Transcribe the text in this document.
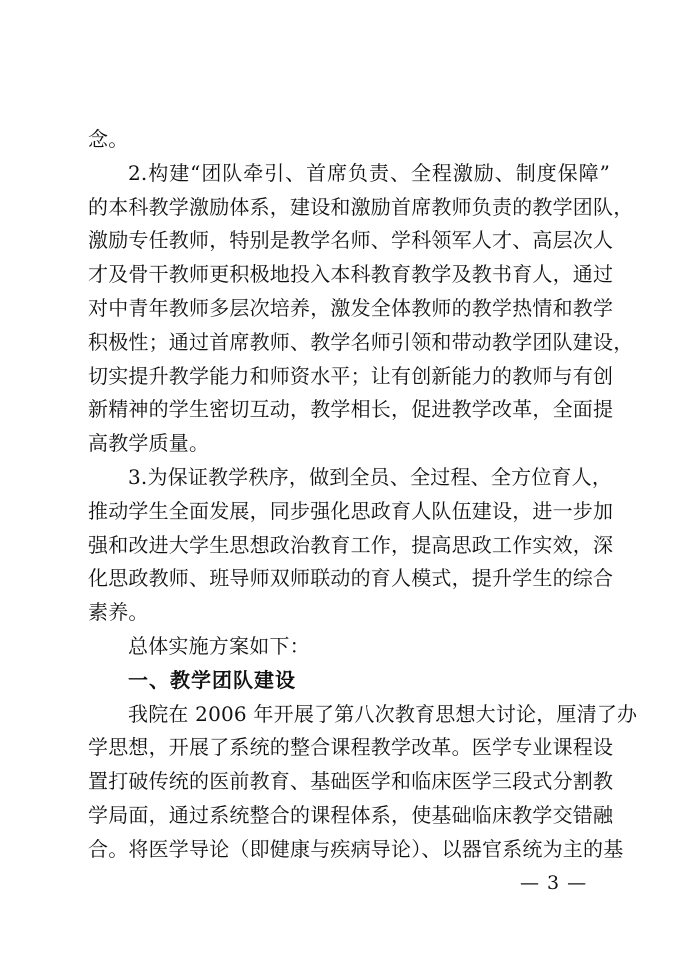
念。
2.构建“团队牵引、首席负责、全程激励、制度保障”
的本科教学激励体系，建设和激励首席教师负责的教学团队，
激励专任教师，特别是教学名师、学科领军人才、高层次人
才及骨干教师更积极地投入本科教育教学及教书育人，通过
对中青年教师多层次培养，激发全体教师的教学热情和教学
积极性；通过首席教师、教学名师引领和带动教学团队建设，
切实提升教学能力和师资水平；让有创新能力的教师与有创
新精神的学生密切互动，教学相长，促进教学改革，全面提
高教学质量。
3.为保证教学秩序，做到全员、全过程、全方位育人，
推动学生全面发展，同步强化思政育人队伍建设，进一步加
强和改进大学生思想政治教育工作，提高思政工作实效，深
化思政教师、班导师双师联动的育人模式，提升学生的综合
素养。
总体实施方案如下：
一、教学团队建设
我院在 2006 年开展了第八次教育思想大讨论，厘清了办
学思想，开展了系统的整合课程教学改革。医学专业课程设
置打破传统的医前教育、基础医学和临床医学三段式分割教
学局面，通过系统整合的课程体系，使基础临床教学交错融
合。将医学导论（即健康与疾病导论）、以器官系统为主的基
— 3 —
